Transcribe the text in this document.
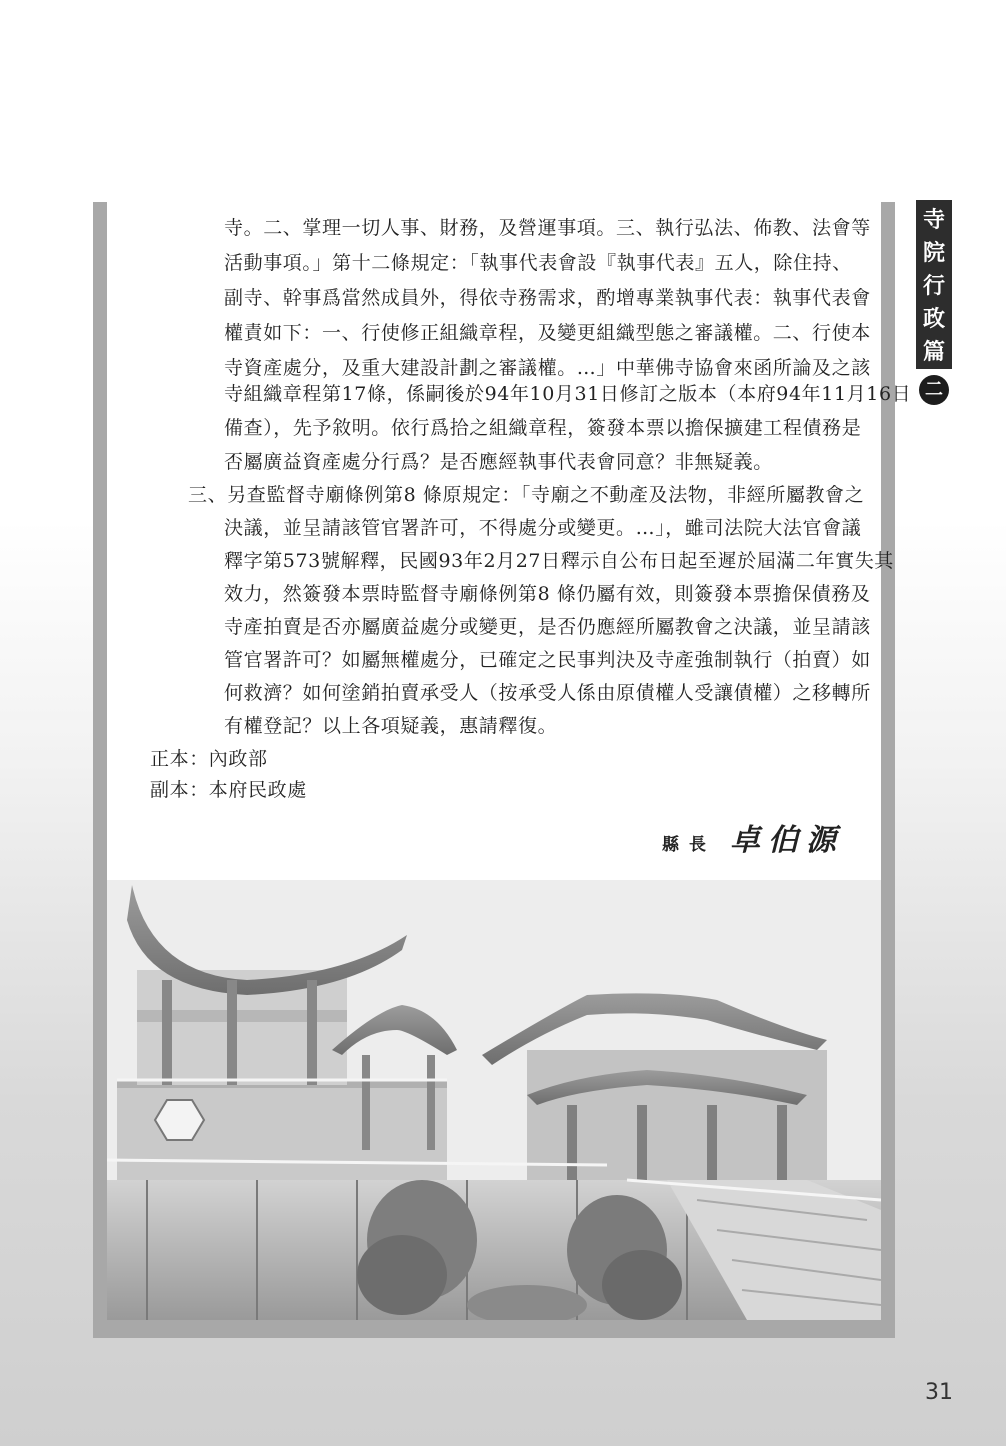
寺
院
行
政
篇
二
寺。二、掌理一切人事、財務，及營運事項。三、執行弘法、佈教、法會等
活動事項。」第十二條規定：「執事代表會設『執事代表』五人，除住持、
副寺、幹事爲當然成員外，得依寺務需求，酌增專業執事代表：執事代表會
權責如下：一、行使修正組織章程，及變更組織型態之審議權。二、行使本
寺資產處分，及重大建設計劃之審議權。…」中華佛寺協會來函所論及之該
寺組織章程第17條，係嗣後於94年10月31日修訂之版本（本府94年11月16日
備查），先予敘明。依行爲拾之組織章程，簽發本票以擔保擴建工程債務是
否屬廣益資產處分行爲？是否應經執事代表會同意？非無疑義。
三、另查監督寺廟條例第8 條原規定：「寺廟之不動產及法物，非經所屬教會之
決議，並呈請該管官署許可，不得處分或變更。…」，雖司法院大法官會議
釋字第573號解釋，民國93年2月27日釋示自公布日起至遲於屆滿二年實失其
效力，然簽發本票時監督寺廟條例第8 條仍屬有效，則簽發本票擔保債務及
寺產拍賣是否亦屬廣益處分或變更，是否仍應經所屬教會之決議，並呈請該
管官署許可？如屬無權處分，已確定之民事判決及寺產強制執行（拍賣）如
何救濟？如何塗銷拍賣承受人（按承受人係由原債權人受讓債權）之移轉所
有權登記？以上各項疑義，惠請釋復。
正本：內政部
副本：本府民政處
縣長 卓伯源
31
